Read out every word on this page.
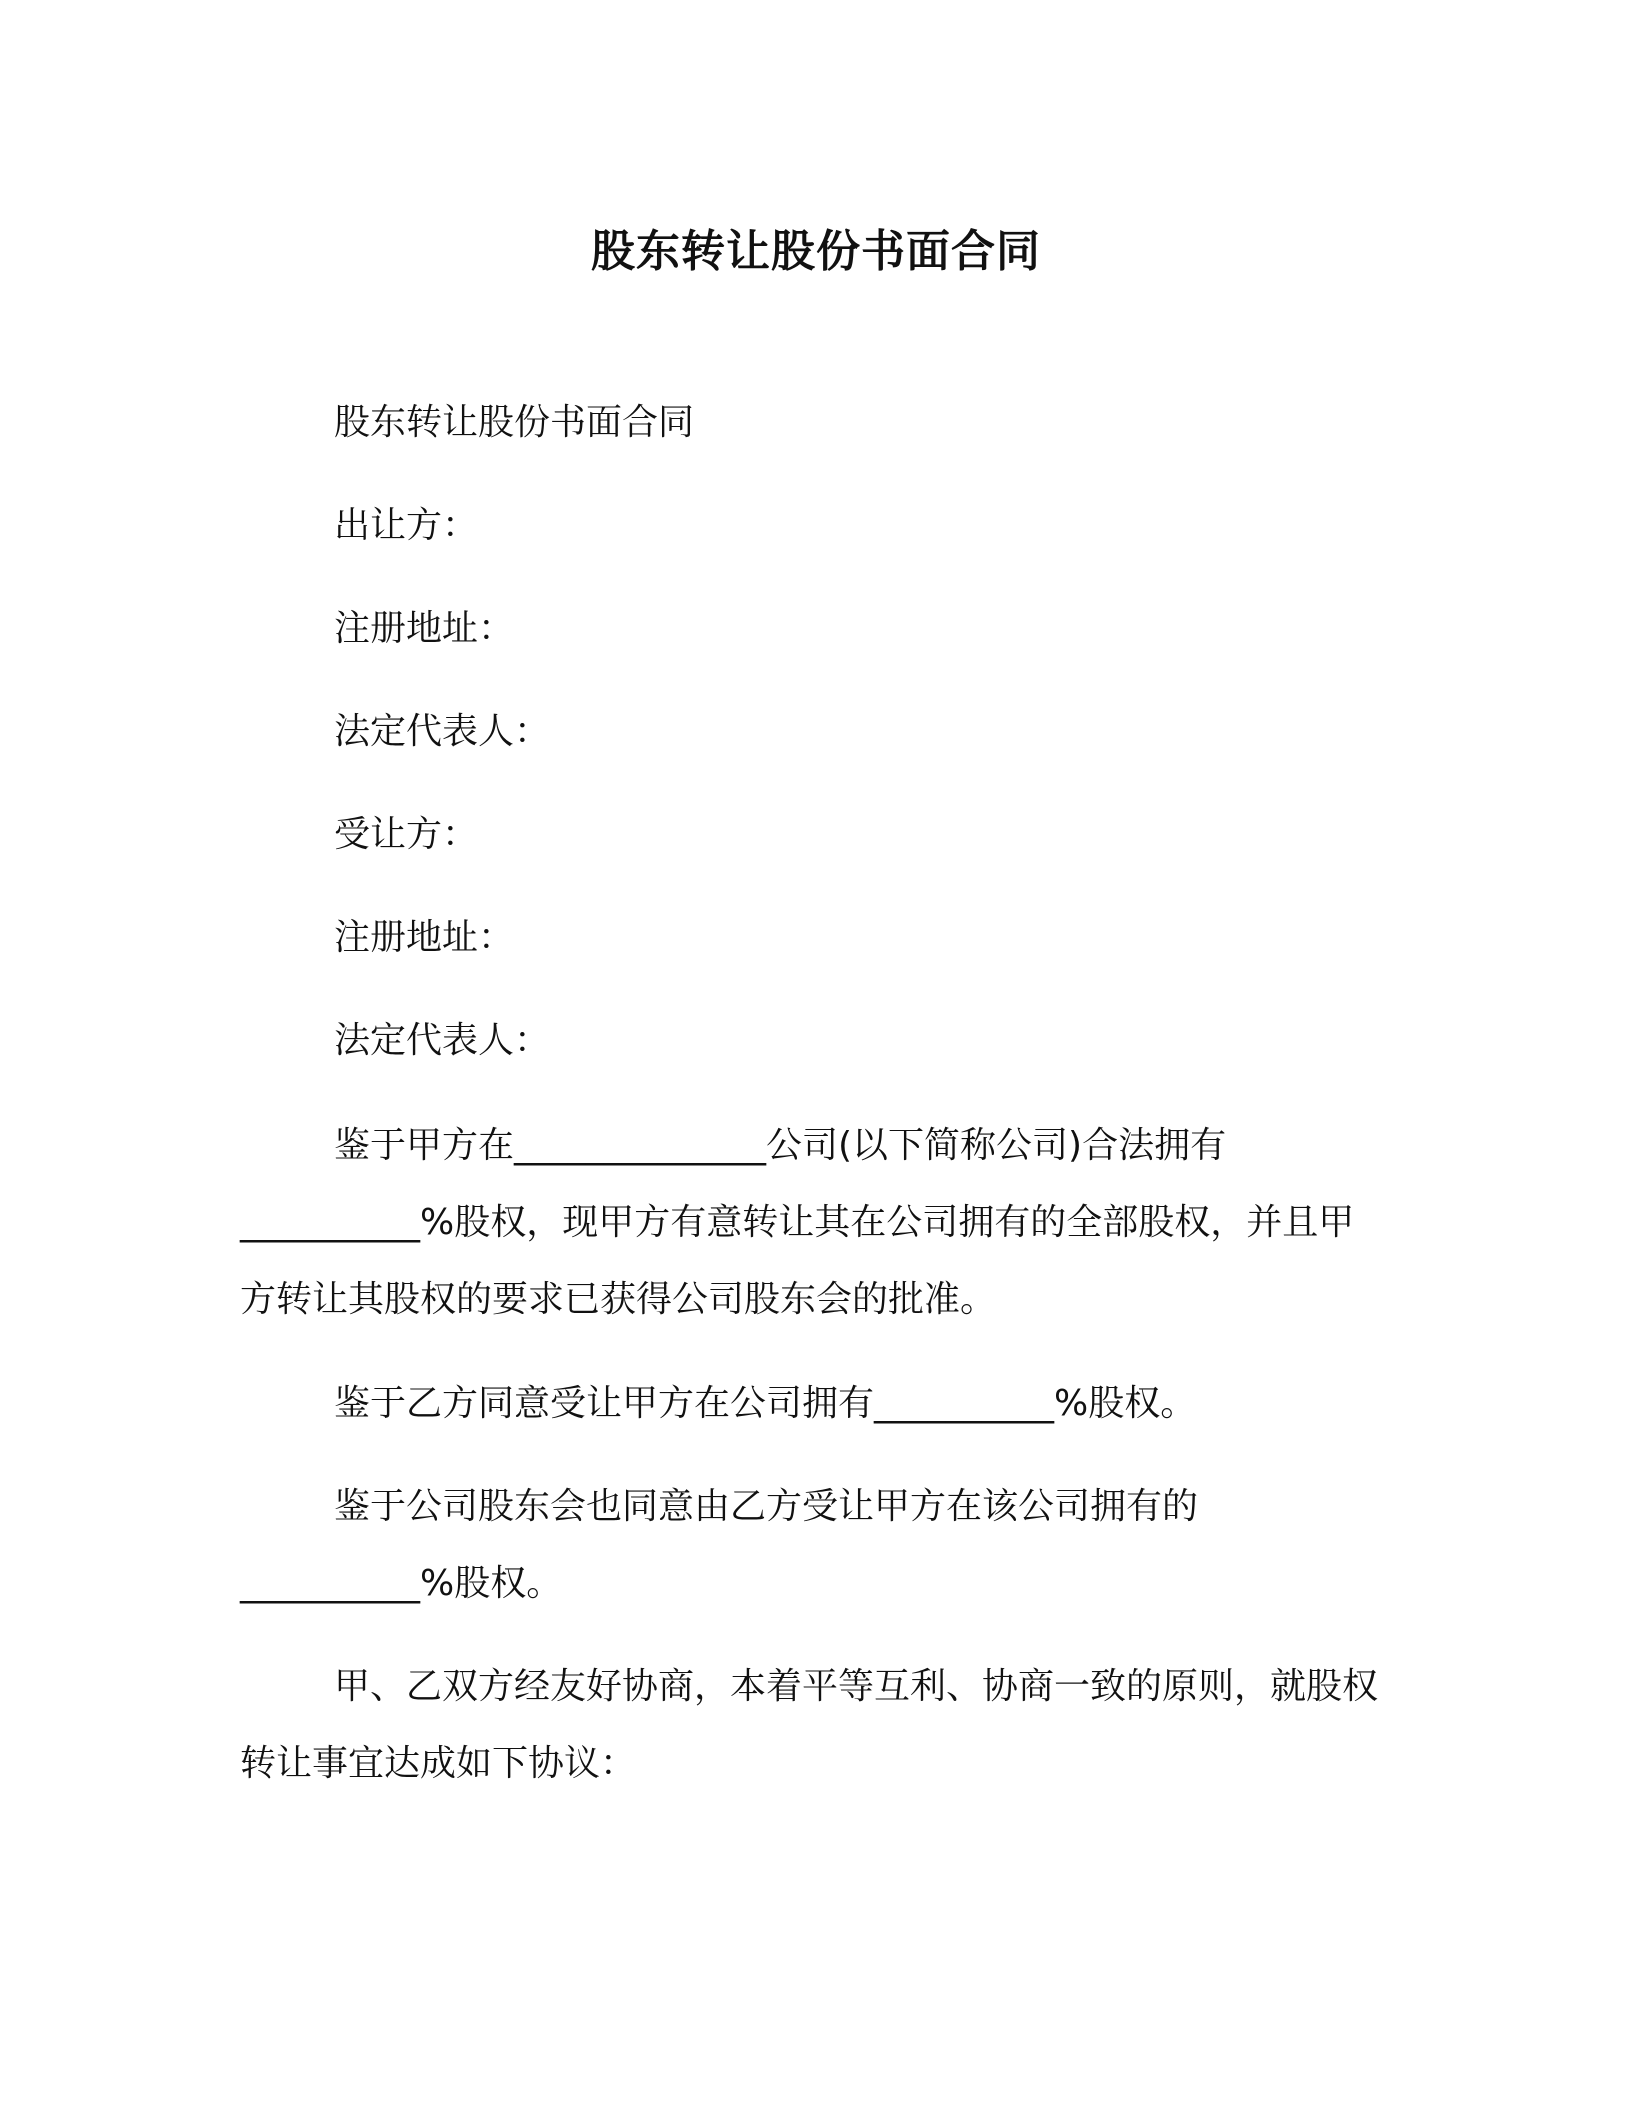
股东转让股份书面合同
股东转让股份书面合同
出让方：
注册地址：
法定代表人：
受让方：
注册地址：
法定代表人：
鉴于甲方在______________公司(以下简称公司)合法拥有__________%股权，现甲方有意转让其在公司拥有的全部股权，并且甲方转让其股权的要求已获得公司股东会的批准。
鉴于乙方同意受让甲方在公司拥有__________%股权。
鉴于公司股东会也同意由乙方受让甲方在该公司拥有的__________%股权。
甲、乙双方经友好协商，本着平等互利、协商一致的原则，就股权转让事宜达成如下协议：
